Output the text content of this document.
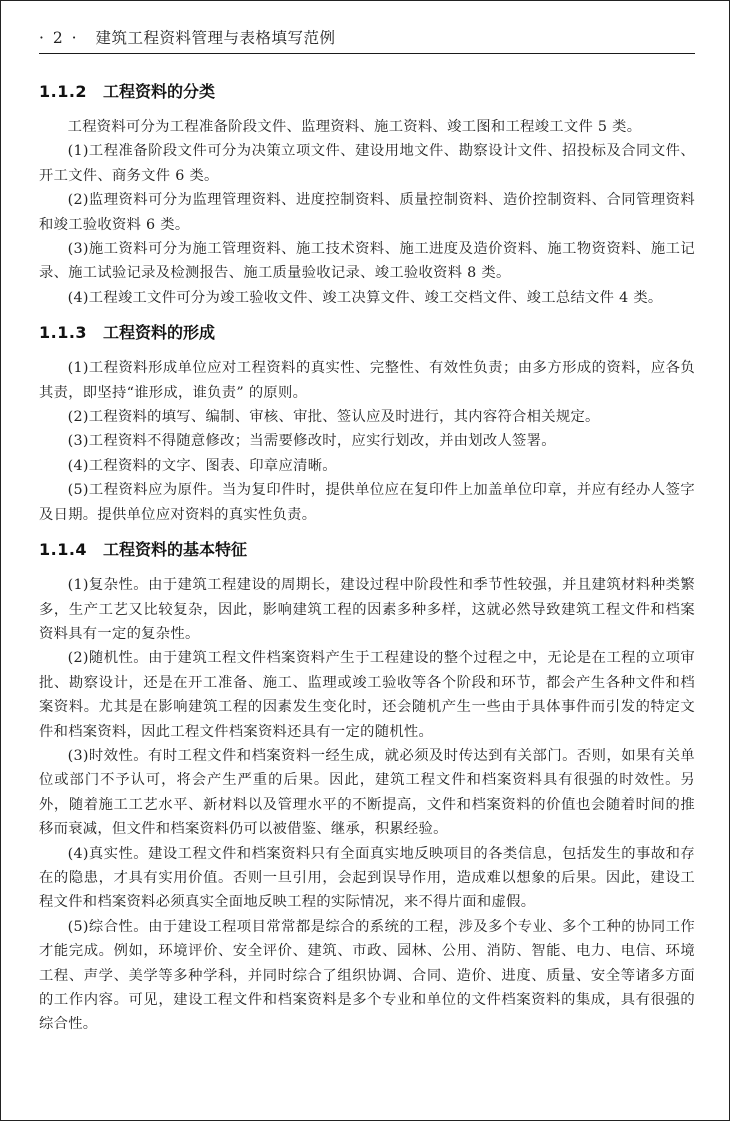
· 2 · 建筑工程资料管理与表格填写范例
1.1.2 工程资料的分类

工程资料可分为工程准备阶段文件、监理资料、施工资料、竣工图和工程竣工文件 5 类。

(1)工程准备阶段文件可分为决策立项文件、建设用地文件、勘察设计文件、招投标及合同文件、开工文件、商务文件 6 类。

(2)监理资料可分为监理管理资料、进度控制资料、质量控制资料、造价控制资料、合同管理资料和竣工验收资料 6 类。

(3)施工资料可分为施工管理资料、施工技术资料、施工进度及造价资料、施工物资资料、施工记录、施工试验记录及检测报告、施工质量验收记录、竣工验收资料 8 类。

(4)工程竣工文件可分为竣工验收文件、竣工决算文件、竣工交档文件、竣工总结文件 4 类。

1.1.3 工程资料的形成

(1)工程资料形成单位应对工程资料的真实性、完整性、有效性负责；由多方形成的资料，应各负其责，即坚持“谁形成，谁负责” 的原则。

(2)工程资料的填写、编制、审核、审批、签认应及时进行，其内容符合相关规定。

(3)工程资料不得随意修改；当需要修改时，应实行划改，并由划改人签署。

(4)工程资料的文字、图表、印章应清晰。

(5)工程资料应为原件。当为复印件时，提供单位应在复印件上加盖单位印章，并应有经办人签字及日期。提供单位应对资料的真实性负责。

1.1.4 工程资料的基本特征

(1)复杂性。由于建筑工程建设的周期长，建设过程中阶段性和季节性较强，并且建筑材料种类繁多，生产工艺又比较复杂，因此，影响建筑工程的因素多种多样，这就必然导致建筑工程文件和档案资料具有一定的复杂性。

(2)随机性。由于建筑工程文件档案资料产生于工程建设的整个过程之中，无论是在工程的立项审批、勘察设计，还是在开工准备、施工、监理或竣工验收等各个阶段和环节，都会产生各种文件和档案资料。尤其是在影响建筑工程的因素发生变化时，还会随机产生一些由于具体事件而引发的特定文件和档案资料，因此工程文件档案资料还具有一定的随机性。

(3)时效性。有时工程文件和档案资料一经生成，就必须及时传达到有关部门。否则，如果有关单位或部门不予认可，将会产生严重的后果。因此，建筑工程文件和档案资料具有很强的时效性。另外，随着施工工艺水平、新材料以及管理水平的不断提高，文件和档案资料的价值也会随着时间的推移而衰减，但文件和档案资料仍可以被借鉴、继承，积累经验。

(4)真实性。建设工程文件和档案资料只有全面真实地反映项目的各类信息，包括发生的事故和存在的隐患，才具有实用价值。否则一旦引用，会起到误导作用，造成难以想象的后果。因此，建设工程文件和档案资料必须真实全面地反映工程的实际情况，来不得片面和虚假。

(5)综合性。由于建设工程项目常常都是综合的系统的工程，涉及多个专业、多个工种的协同工作才能完成。例如，环境评价、安全评价、建筑、市政、园林、公用、消防、智能、电力、电信、环境工程、声学、美学等多种学科，并同时综合了组织协调、合同、造价、进度、质量、安全等诸多方面的工作内容。可见，建设工程文件和档案资料是多个专业和单位的文件档案资料的集成，具有很强的综合性。
